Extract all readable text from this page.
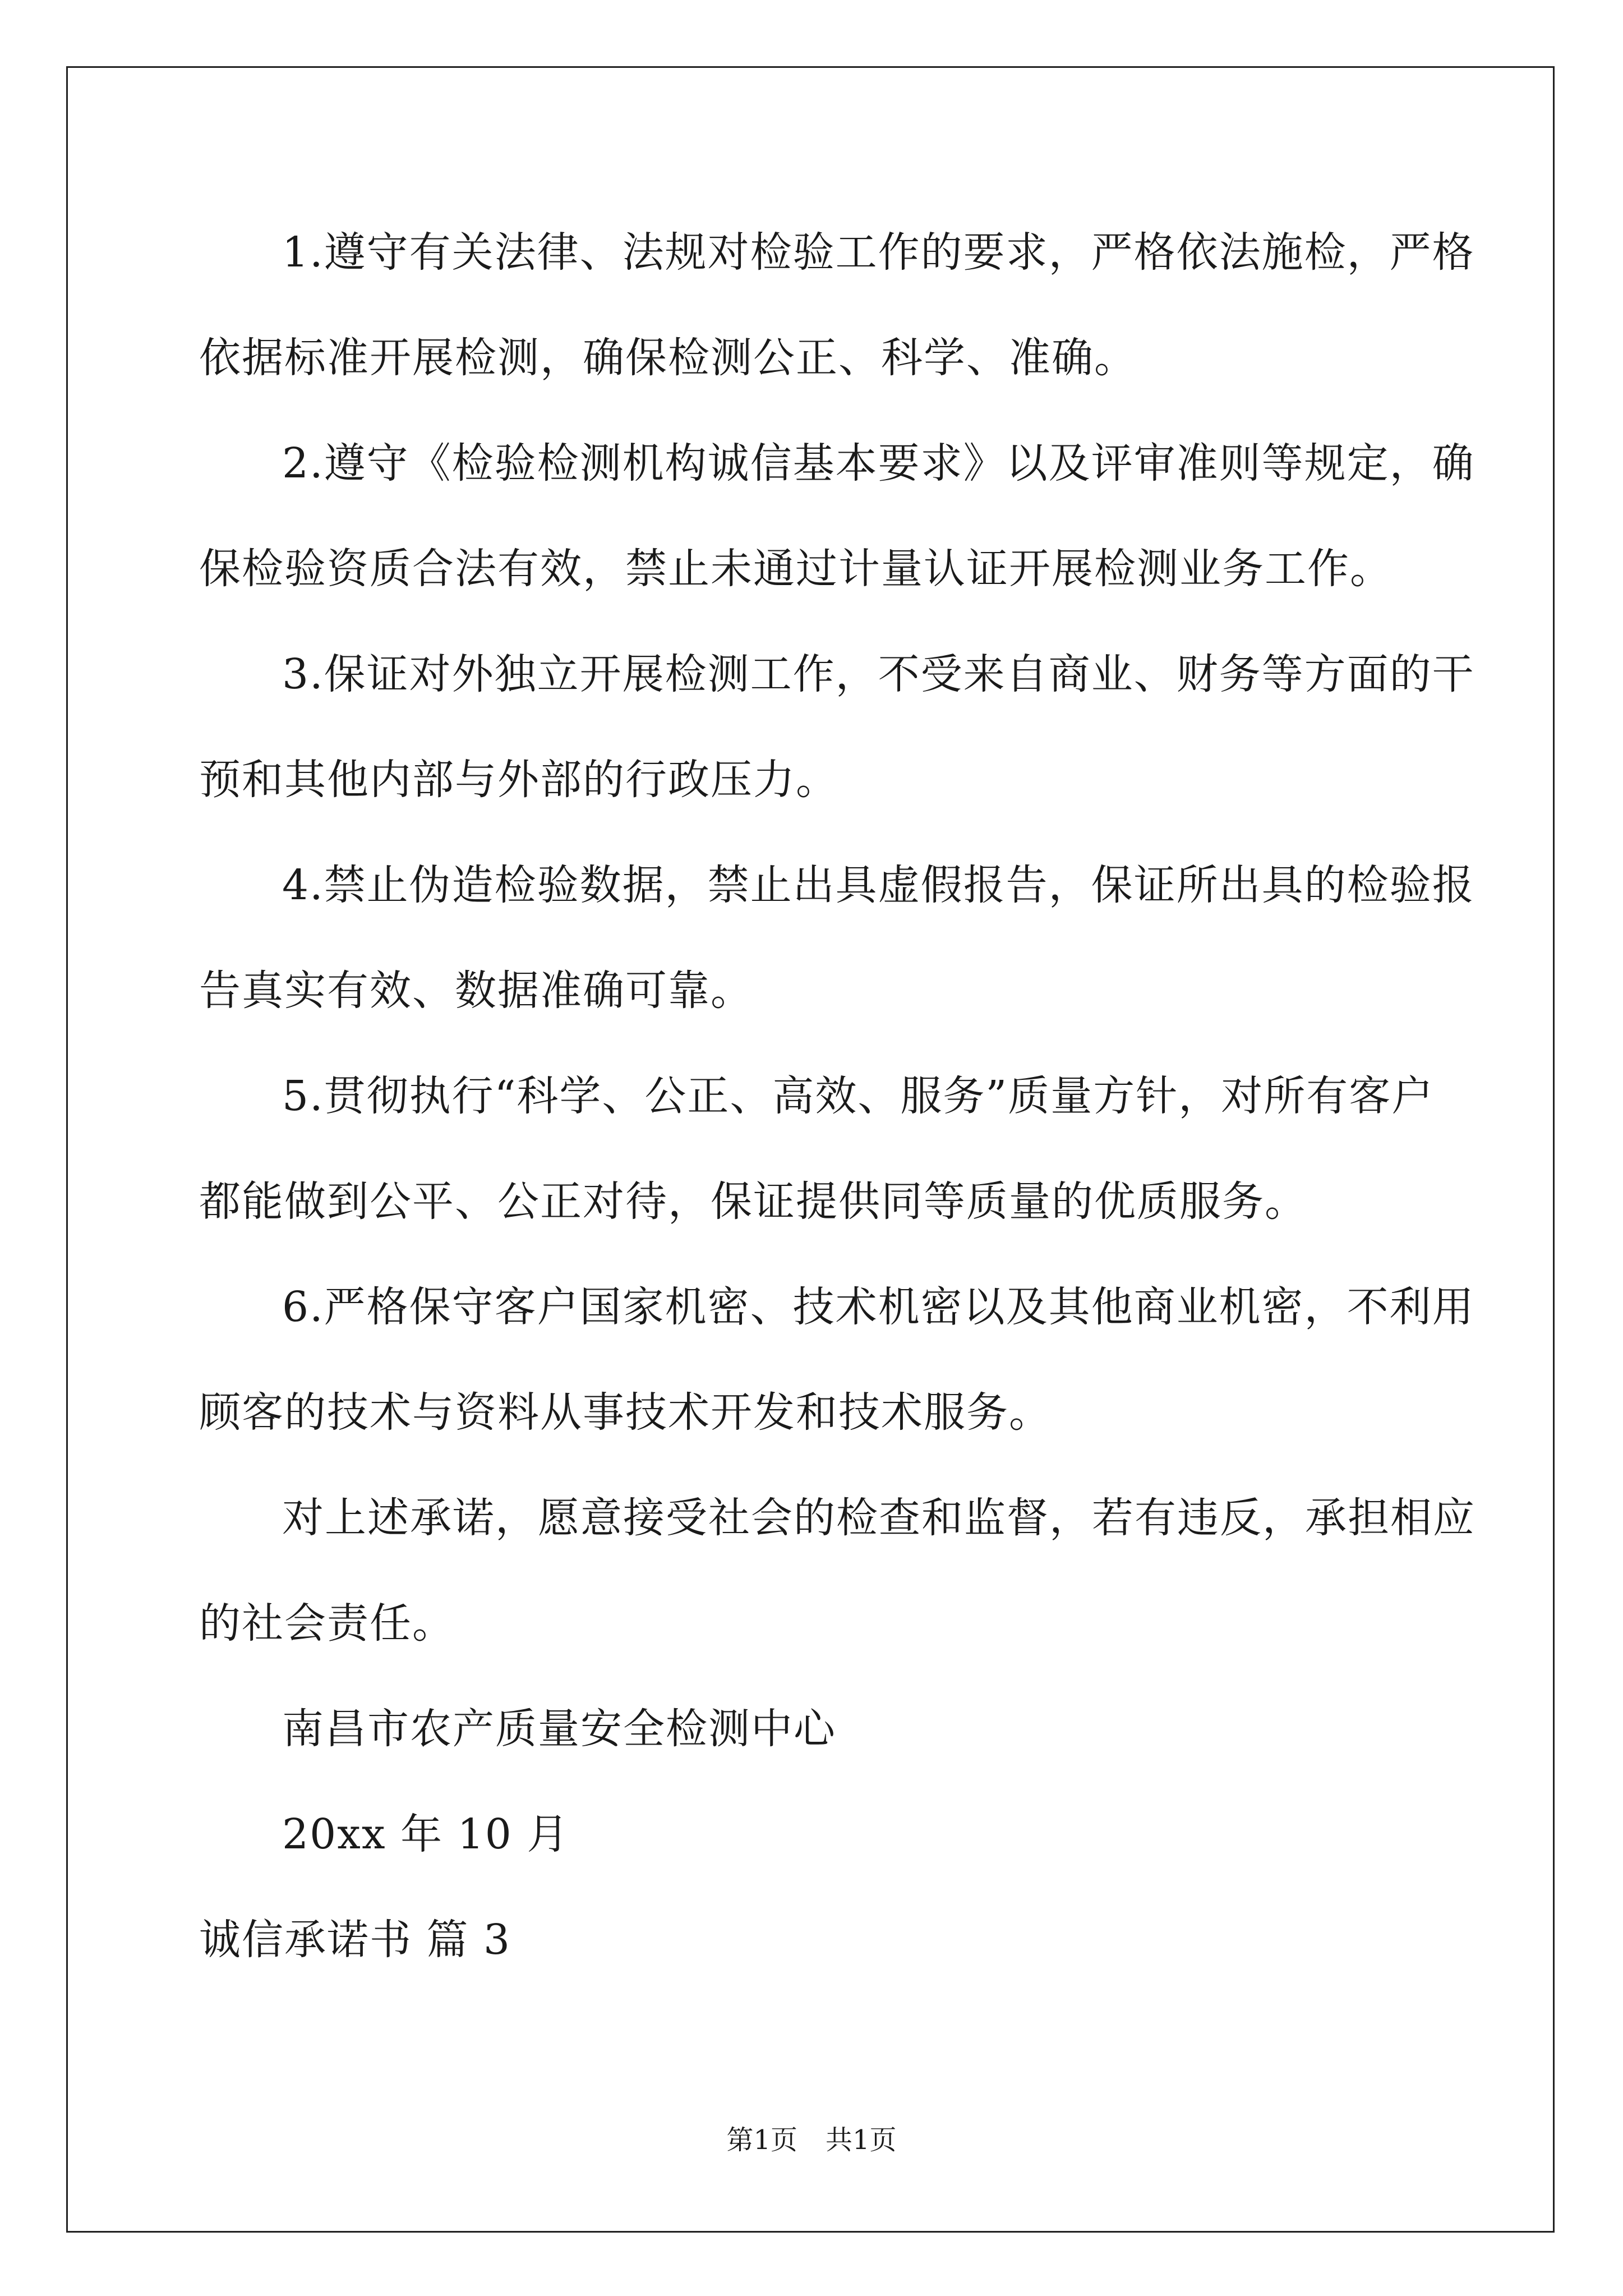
1.遵守有关法律、法规对检验工作的要求，严格依法施检，严格
依据标准开展检测，确保检测公正、科学、准确。
2.遵守《检验检测机构诚信基本要求》以及评审准则等规定，确
保检验资质合法有效，禁止未通过计量认证开展检测业务工作。
3.保证对外独立开展检测工作，不受来自商业、财务等方面的干
预和其他内部与外部的行政压力。
4.禁止伪造检验数据，禁止出具虚假报告，保证所出具的检验报
告真实有效、数据准确可靠。
5.贯彻执行“科学、公正、高效、服务”质量方针，对所有客户
都能做到公平、公正对待，保证提供同等质量的优质服务。
6.严格保守客户国家机密、技术机密以及其他商业机密，不利用
顾客的技术与资料从事技术开发和技术服务。
对上述承诺，愿意接受社会的检查和监督，若有违反，承担相应
的社会责任。
南昌市农产质量安全检测中心
20xx 年 10 月
诚信承诺书 篇 3
第1页 共1页
